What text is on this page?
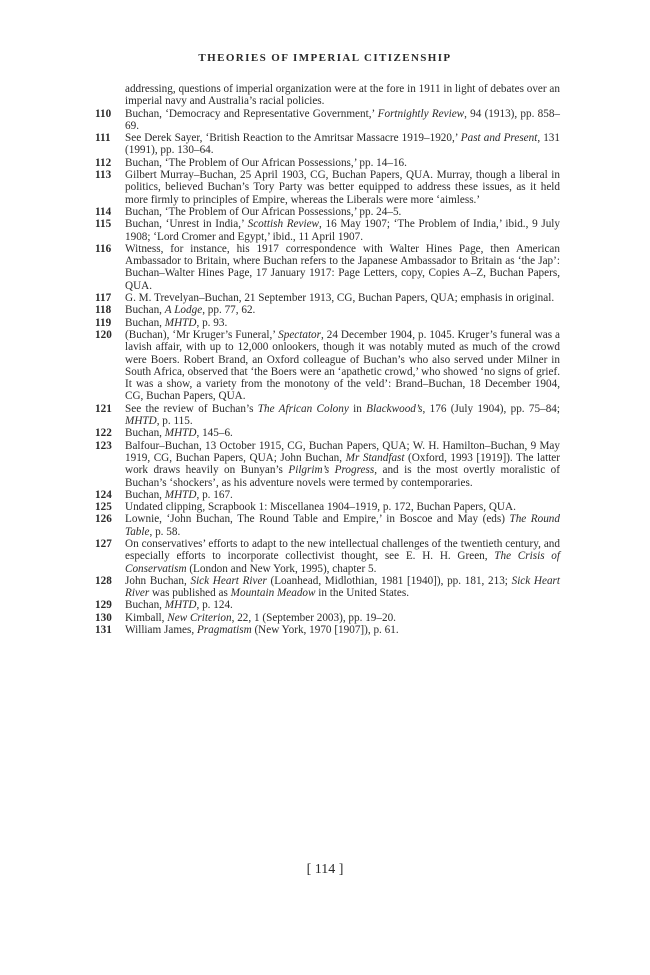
THEORIES OF IMPERIAL CITIZENSHIP
addressing, questions of imperial organization were at the fore in 1911 in light of debates over an imperial navy and Australia’s racial policies.
110	Buchan, ‘Democracy and Representative Government,’ Fortnightly Review, 94 (1913), pp. 858–69.
111	See Derek Sayer, ‘British Reaction to the Amritsar Massacre 1919–1920,’ Past and Present, 131 (1991), pp. 130–64.
112	Buchan, ‘The Problem of Our African Possessions,’ pp. 14–16.
113	Gilbert Murray–Buchan, 25 April 1903, CG, Buchan Papers, QUA. Murray, though a liberal in politics, believed Buchan’s Tory Party was better equipped to address these issues, as it held more firmly to principles of Empire, whereas the Liberals were more ‘aimless.’
114	Buchan, ‘The Problem of Our African Possessions,’ pp. 24–5.
115	Buchan, ‘Unrest in India,’ Scottish Review, 16 May 1907; ‘The Problem of India,’ ibid., 9 July 1908; ‘Lord Cromer and Egypt,’ ibid., 11 April 1907.
116	Witness, for instance, his 1917 correspondence with Walter Hines Page, then American Ambassador to Britain, where Buchan refers to the Japanese Ambassador to Britain as ‘the Jap’: Buchan–Walter Hines Page, 17 January 1917: Page Letters, copy, Copies A–Z, Buchan Papers, QUA.
117	G. M. Trevelyan–Buchan, 21 September 1913, CG, Buchan Papers, QUA; emphasis in original.
118	Buchan, A Lodge, pp. 77, 62.
119	Buchan, MHTD, p. 93.
120	(Buchan), ‘Mr Kruger’s Funeral,’ Spectator, 24 December 1904, p. 1045. Kruger’s funeral was a lavish affair, with up to 12,000 onlookers, though it was notably muted as much of the crowd were Boers. Robert Brand, an Oxford colleague of Buchan’s who also served under Milner in South Africa, observed that ‘the Boers were an ‘apathetic crowd,’ who showed ‘no signs of grief. It was a show, a variety from the monotony of the veld’: Brand–Buchan, 18 December 1904, CG, Buchan Papers, QUA.
121	See the review of Buchan’s The African Colony in Blackwood’s, 176 (July 1904), pp. 75–84; MHTD, p. 115.
122	Buchan, MHTD, 145–6.
123	Balfour–Buchan, 13 October 1915, CG, Buchan Papers, QUA; W. H. Hamilton–Buchan, 9 May 1919, CG, Buchan Papers, QUA; John Buchan, Mr Standfast (Oxford, 1993 [1919]). The latter work draws heavily on Bunyan’s Pilgrim’s Progress, and is the most overtly moralistic of Buchan’s ‘shockers’, as his adventure novels were termed by contemporaries.
124	Buchan, MHTD, p. 167.
125	Undated clipping, Scrapbook 1: Miscellanea 1904–1919, p. 172, Buchan Papers, QUA.
126	Lownie, ‘John Buchan, The Round Table and Empire,’ in Boscoe and May (eds) The Round Table, p. 58.
127	On conservatives’ efforts to adapt to the new intellectual challenges of the twentieth century, and especially efforts to incorporate collectivist thought, see E. H. H. Green, The Crisis of Conservatism (London and New York, 1995), chapter 5.
128	John Buchan, Sick Heart River (Loanhead, Midlothian, 1981 [1940]), pp. 181, 213; Sick Heart River was published as Mountain Meadow in the United States.
129	Buchan, MHTD, p. 124.
130	Kimball, New Criterion, 22, 1 (September 2003), pp. 19–20.
131	William James, Pragmatism (New York, 1970 [1907]), p. 61.
[ 114 ]
